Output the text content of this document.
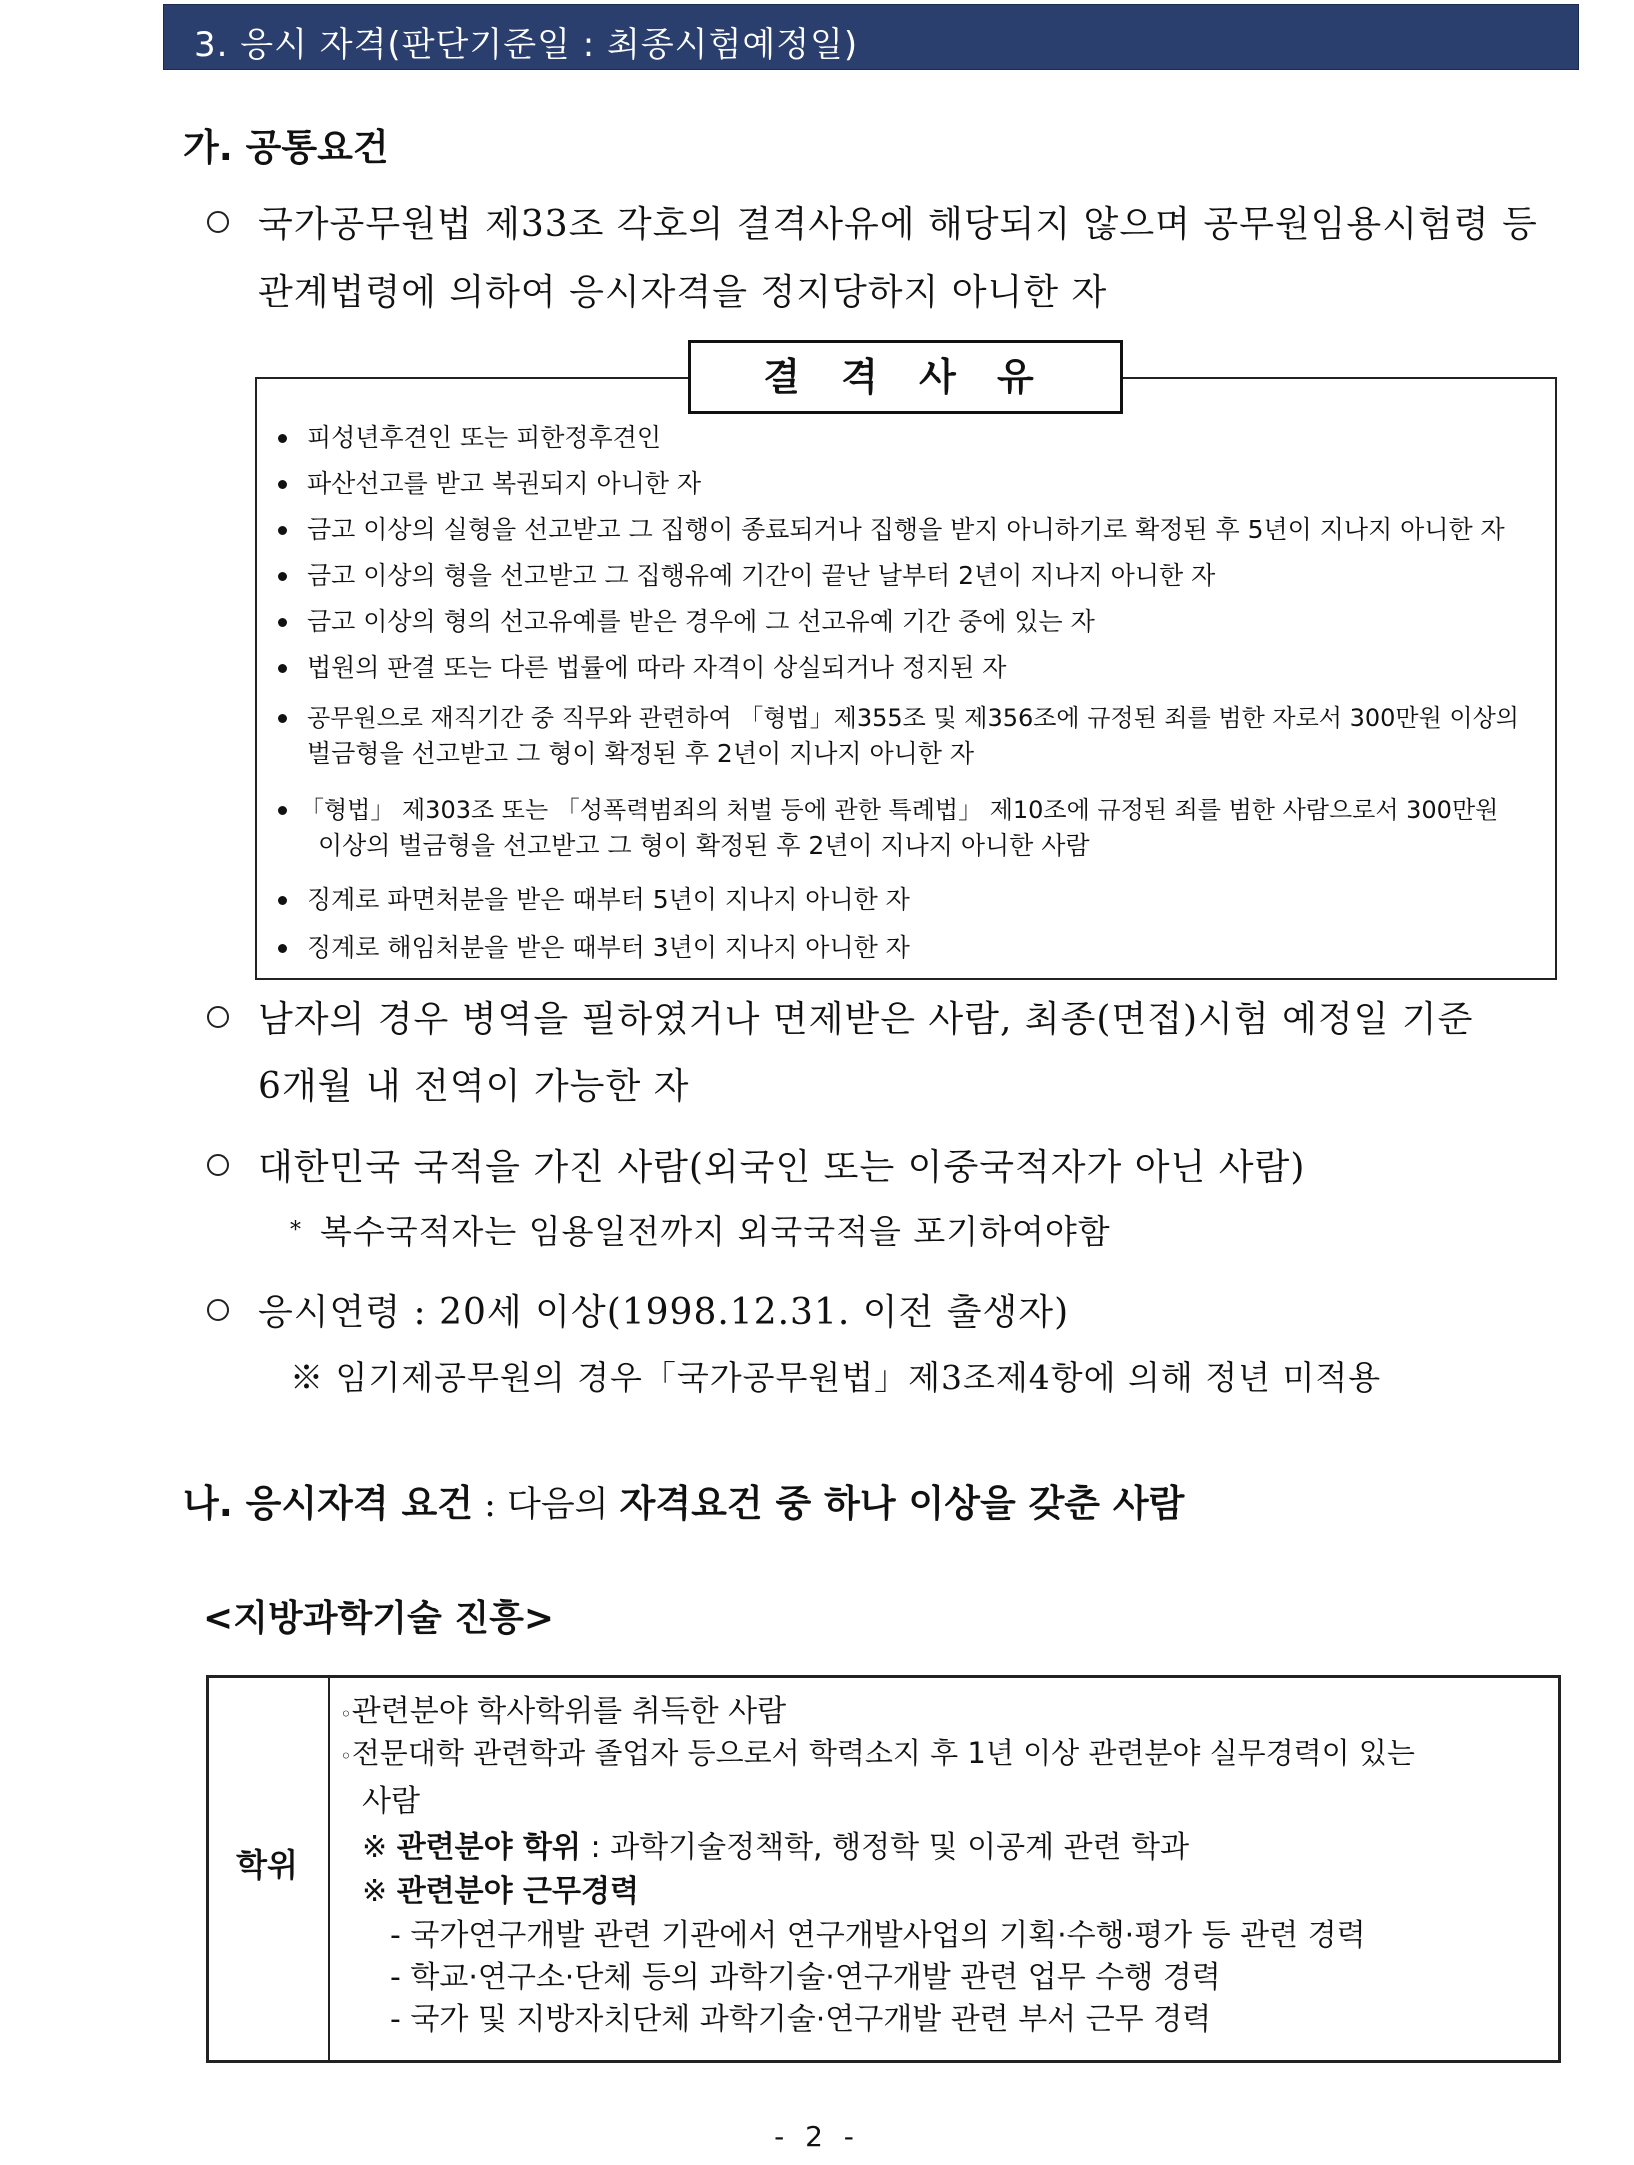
3. 응시 자격(판단기준일 : 최종시험예정일)
가. 공통요건
국가공무원법 제33조 각호의 결격사유에 해당되지 않으며 공무원임용시험령 등
관계법령에 의하여 응시자격을 정지당하지 아니한 자
결 격 사 유
피성년후견인 또는 피한정후견인
파산선고를 받고 복권되지 아니한 자
금고 이상의 실형을 선고받고 그 집행이 종료되거나 집행을 받지 아니하기로 확정된 후 5년이 지나지 아니한 자
금고 이상의 형을 선고받고 그 집행유예 기간이 끝난 날부터 2년이 지나지 아니한 자
금고 이상의 형의 선고유예를 받은 경우에 그 선고유예 기간 중에 있는 자
법원의 판결 또는 다른 법률에 따라 자격이 상실되거나 정지된 자
공무원으로 재직기간 중 직무와 관련하여 「형법」제355조 및 제356조에 규정된 죄를 범한 자로서 300만원 이상의
벌금형을 선고받고 그 형이 확정된 후 2년이 지나지 아니한 자
「형법」 제303조 또는 「성폭력범죄의 처벌 등에 관한 특례법」 제10조에 규정된 죄를 범한 사람으로서 300만원
이상의 벌금형을 선고받고 그 형이 확정된 후 2년이 지나지 아니한 사람
징계로 파면처분을 받은 때부터 5년이 지나지 아니한 자
징계로 해임처분을 받은 때부터 3년이 지나지 아니한 자
남자의 경우 병역을 필하였거나 면제받은 사람, 최종(면접)시험 예정일 기준
6개월 내 전역이 가능한 자
대한민국 국적을 가진 사람(외국인 또는 이중국적자가 아닌 사람)
* 복수국적자는 임용일전까지 외국국적을 포기하여야함
응시연령 : 20세 이상(1998.12.31. 이전 출생자)
※ 임기제공무원의 경우「국가공무원법」제3조제4항에 의해 정년 미적용
나. 응시자격 요건 : 다음의 자격요건 중 하나 이상을 갖춘 사람
<지방과학기술 진흥>
학위
◦관련분야 학사학위를 취득한 사람
◦전문대학 관련학과 졸업자 등으로서 학력소지 후 1년 이상 관련분야 실무경력이 있는
사람
※ 관련분야 학위 : 과학기술정책학, 행정학 및 이공계 관련 학과
※ 관련분야 근무경력
- 국가연구개발 관련 기관에서 연구개발사업의 기획·수행·평가 등 관련 경력
- 학교·연구소·단체 등의 과학기술·연구개발 관련 업무 수행 경력
- 국가 및 지방자치단체 과학기술·연구개발 관련 부서 근무 경력
- 2 -
